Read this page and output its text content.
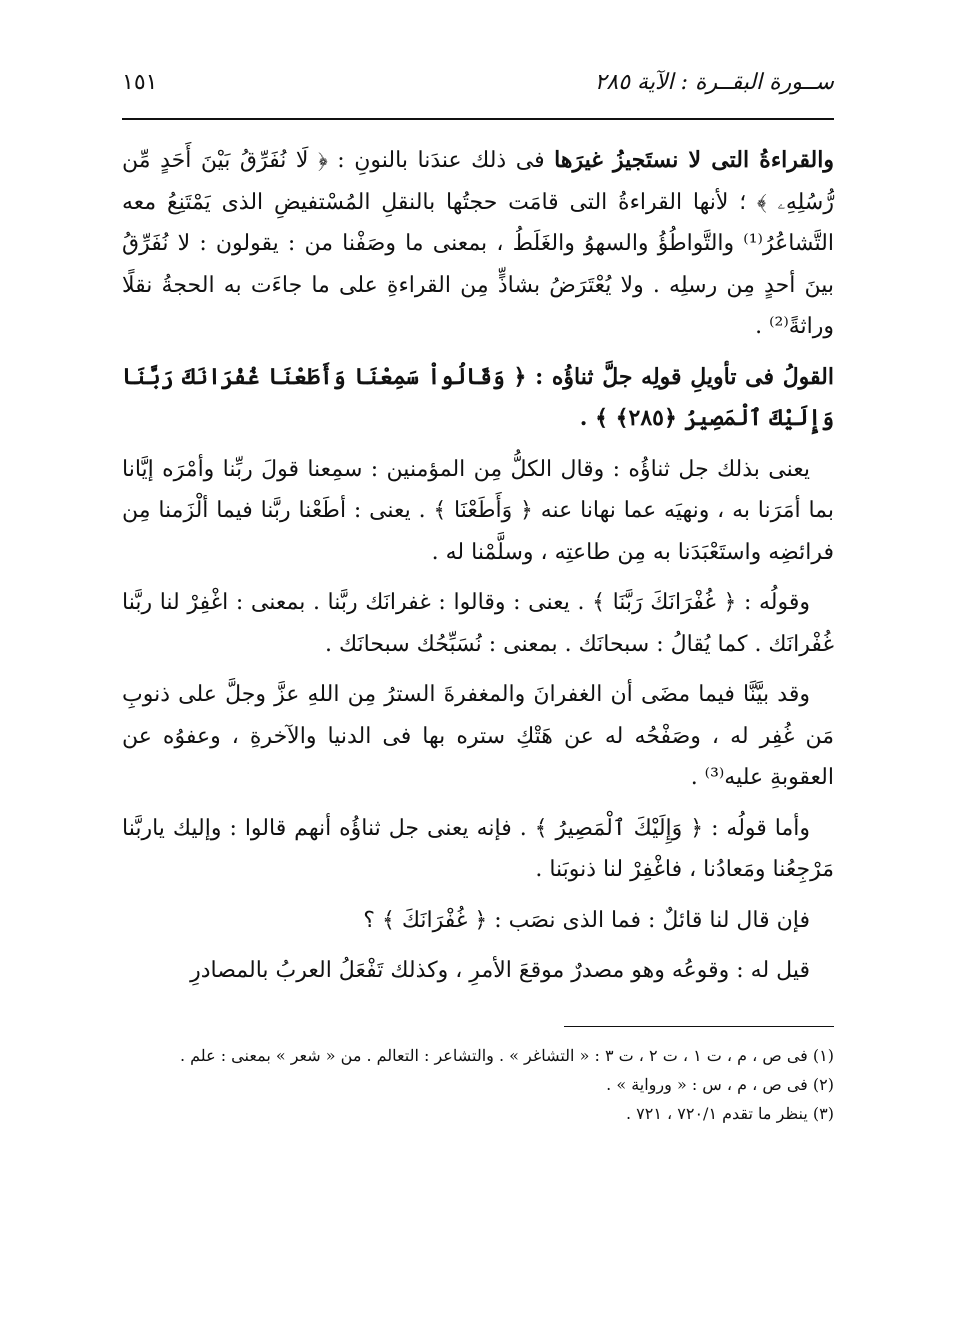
ســورة البقــرة : الآية ٢٨٥
١٥١

والقراءةُ التى لا نستَجيزُ غيرَها فى ذلك عندَنا بالنونِ : ﴿ لَا نُفَرِّقُ بَيْنَ أَحَدٍ مِّن رُّسُلِهِۦ ﴾ ؛ لأنها القراءةُ التى قامَت حجتُها بالنقلِ المُسْتفيضِ الذى يَمْتَنِعُ معه التَّشاعُرُ⁽¹⁾ والتَّواطُؤُ والسهوُ والغَلَطُ ، بمعنى ما وصَفْنا من : يقولون : لا نُفَرِّقُ بينَ أحدٍ مِن رسلِه . ولا يُعْتَرَضُ بشاذٍّ مِن القراءةِ على ما جاءَت به الحجةُ نقلًا وراثةً⁽²⁾ .

القولُ فى تأويلِ قولِه جلَّ ثناؤُه : ﴿ وَقَالُواْ سَمِعْنَا وَأَطَعْنَا غُفْرَانَكَ رَبَّنَا وَإِلَيْكَ ٱلْمَصِيرُ ﴿٢٨٥﴾ ﴾ .

يعنى بذلك جل ثناؤُه : وقال الكلُّ مِن المؤمنين : سمِعنا قولَ ربِّنا وأمْرَه إيَّانا بما أمَرَنا به ، ونهيَه عما نهانا عنه ﴿ وَأَطَعْنَا ﴾ . يعنى : أطَعْنا ربَّنا فيما ألْزَمنا مِن فرائضِه واستَعْبَدَنا به مِن طاعتِه ، وسلَّمْنا له .

وقولُه : ﴿ غُفْرَانَكَ رَبَّنَا ﴾ . يعنى : وقالوا : غفرانَك ربَّنا . بمعنى : اغْفِرْ لنا ربَّنا غُفْرانَك . كما يُقالُ : سبحانَك . بمعنى : نُسَبِّحُك سبحانَك .

وقد بيَّنَّا فيما مضَى أن الغفرانَ والمغفرةَ السترُ مِن اللهِ عزَّ وجلَّ على ذنوبِ مَن غُفِر له ، وصَفْحُه له عن هَتْكِ ستره بها فى الدنيا والآخرةِ ، وعفوُه عن العقوبةِ عليه⁽³⁾ .

وأما قولُه : ﴿ وَإِلَيْكَ ٱلْمَصِيرُ ﴾ . فإنه يعنى جل ثناؤُه أنهم قالوا : وإليك ياربَّنا مَرْجِعُنا ومَعادُنا ، فاغْفِرْ لنا ذنوبَنا .

فإن قال لنا قائلٌ : فما الذى نصَب : ﴿ غُفْرَانَكَ ﴾ ؟

قيل له : وقوعُه وهو مصدرٌ موقعَ الأمرِ ، وكذلك تَفْعَلُ العربُ بالمصادرِ

(١) فى ص ، م ، ت ١ ، ت ٢ ، ت ٣ : « التشاغر » . والتشاعر : التعالم . من « شعر » بمعنى : علم .
(٢) فى ص ، م ، س : « ورواية » .
(٣) ينظر ما تقدم ٧٢٠/١ ، ٧٢١ .
